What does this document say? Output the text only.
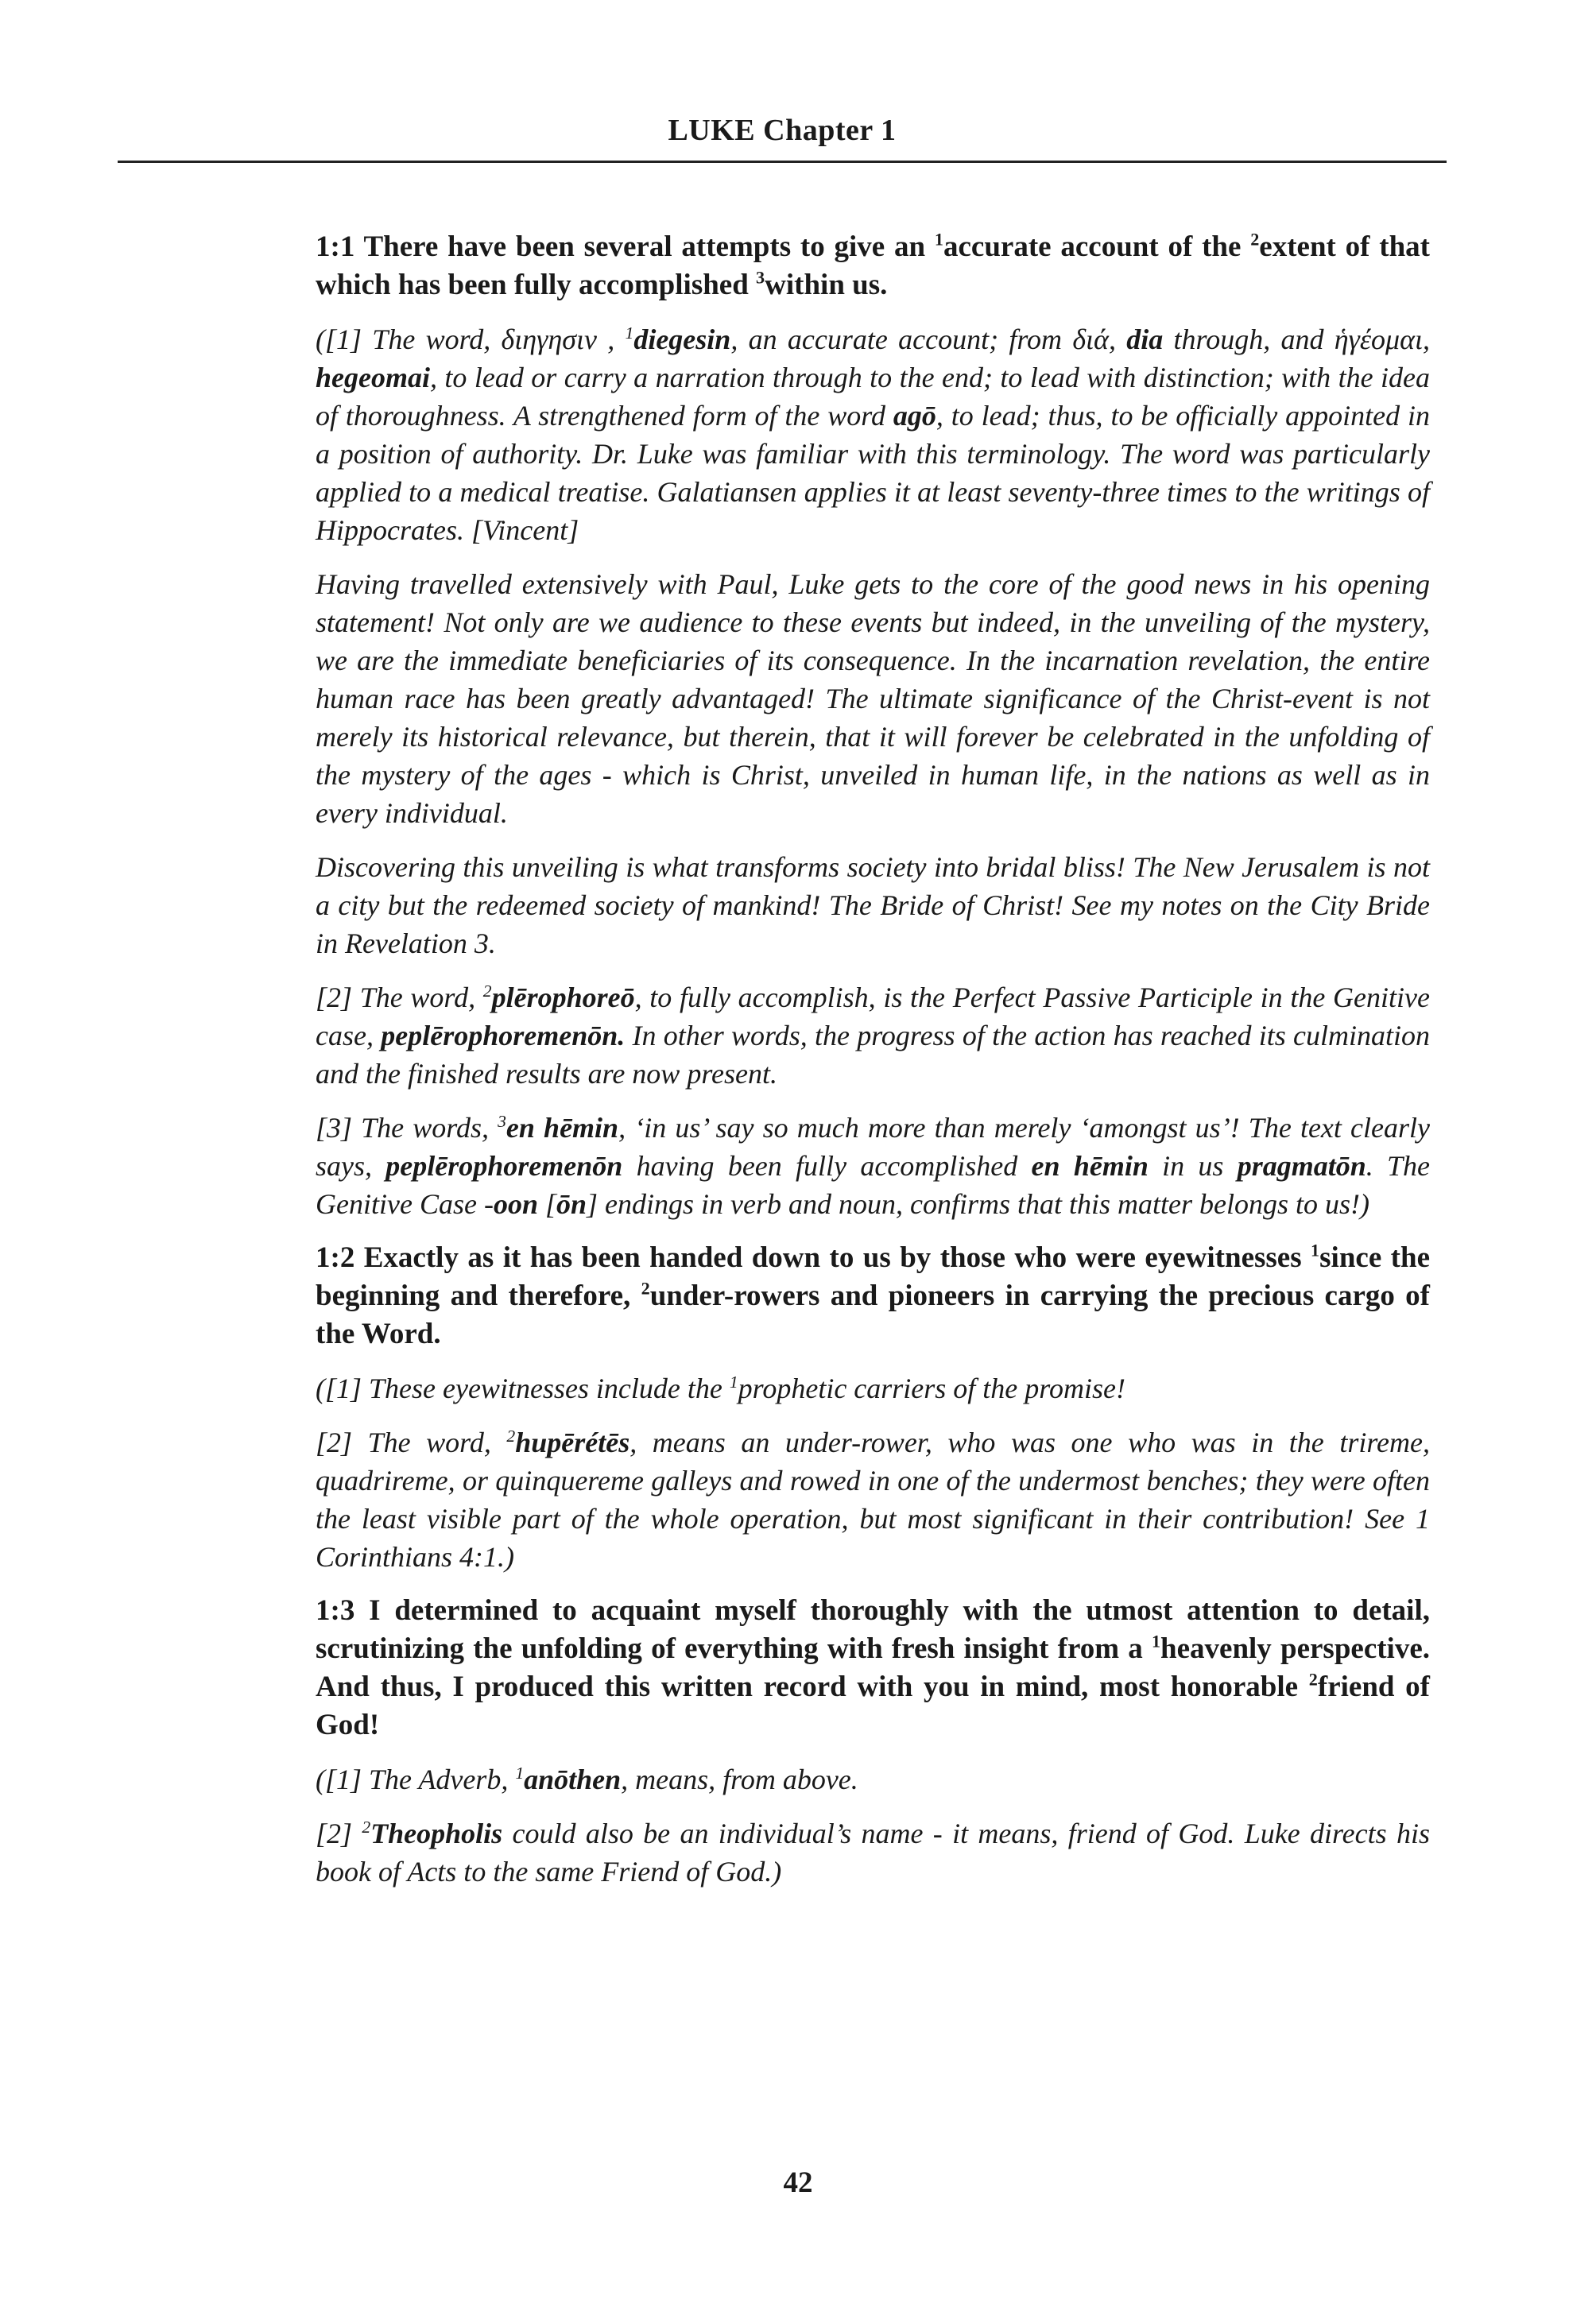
LUKE Chapter 1

1:1 There have been several attempts to give an $^1$accurate account of the $^2$extent of that which has been fully accomplished $^3$within us.

([1] The word, διηγησιν , $^1$diegesin, an accurate account; from διά, dia through, and ἡγέομαι, hegeomai, to lead or carry a narration through to the end; to lead with distinction; with the idea of thoroughness. A strengthened form of the word agō, to lead; thus, to be officially appointed in a position of authority. Dr. Luke was familiar with this terminology. The word was particularly applied to a medical treatise. Galatiansen applies it at least seventy-three times to the writings of Hippocrates. [Vincent]

Having travelled extensively with Paul, Luke gets to the core of the good news in his opening statement! Not only are we audience to these events but indeed, in the unveiling of the mystery, we are the immediate beneficiaries of its consequence. In the incarnation revelation, the entire human race has been greatly advantaged! The ultimate significance of the Christ-event is not merely its historical relevance, but therein, that it will forever be celebrated in the unfolding of the mystery of the ages - which is Christ, unveiled in human life, in the nations as well as in every individual.

Discovering this unveiling is what transforms society into bridal bliss! The New Jerusalem is not a city but the redeemed society of mankind! The Bride of Christ! See my notes on the City Bride in Revelation 3.

[2] The word, $^2$plērophoreō, to fully accomplish, is the Perfect Passive Participle in the Genitive case, peplērophoremenōn. In other words, the progress of the action has reached its culmination and the finished results are now present.

[3] The words, $^3$en hēmin, ‘in us’ say so much more than merely ‘amongst us’! The text clearly says, peplērophoremenōn having been fully accomplished en hēmin in us pragmatōn. The Genitive Case -oon [ōn] endings in verb and noun, confirms that this matter belongs to us!)

1:2 Exactly as it has been handed down to us by those who were eyewitnesses $^1$since the beginning and therefore, $^2$under-rowers and pioneers in carrying the precious cargo of the Word.

([1] These eyewitnesses include the $^1$prophetic carriers of the promise!

[2] The word, $^2$hupērétēs, means an under-rower, who was one who was in the trireme, quadrireme, or quinquereme galleys and rowed in one of the undermost benches; they were often the least visible part of the whole operation, but most significant in their contribution! See 1 Corinthians 4:1.)

1:3 I determined to acquaint myself thoroughly with the utmost attention to detail, scrutinizing the unfolding of everything with fresh insight from a $^1$heavenly perspective. And thus, I produced this written record with you in mind, most honorable $^2$friend of God!

([1] The Adverb, $^1$anōthen, means, from above.

[2] $^2$Theopholis could also be an individual’s name - it means, friend of God. Luke directs his book of Acts to the same Friend of God.)

42
